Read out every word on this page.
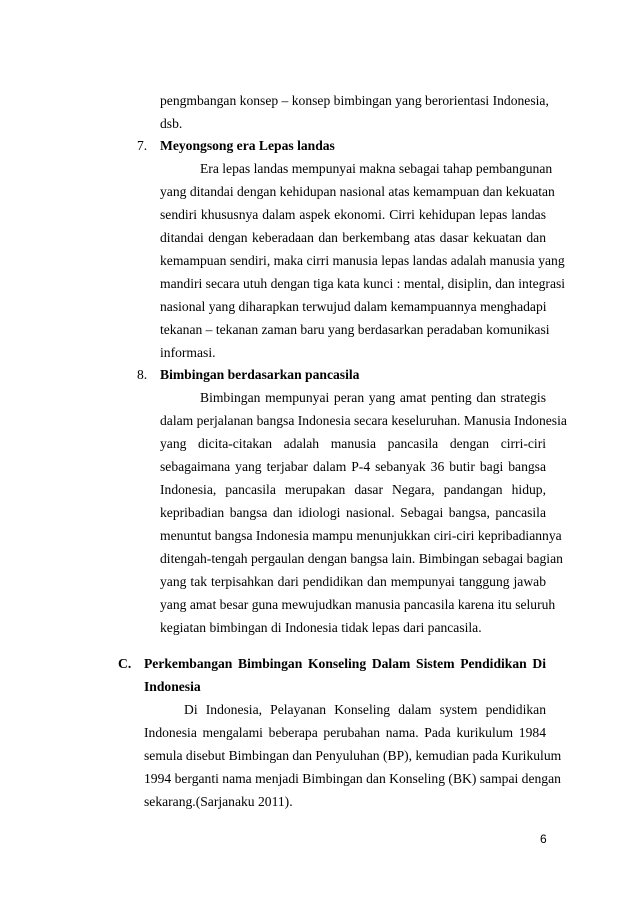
pengmbangan konsep – konsep bimbingan yang berorientasi Indonesia,
dsb.
7. Meyongsong era Lepas landas
Era lepas landas mempunyai makna sebagai tahap pembangunan
yang ditandai dengan kehidupan nasional atas kemampuan dan kekuatan
sendiri khususnya dalam aspek ekonomi. Cirri kehidupan lepas landas
ditandai dengan keberadaan dan berkembang atas dasar kekuatan dan
kemampuan sendiri, maka cirri manusia lepas landas adalah manusia yang
mandiri secara utuh dengan tiga kata kunci : mental, disiplin, dan integrasi
nasional yang diharapkan terwujud dalam kemampuannya menghadapi
tekanan – tekanan zaman baru yang berdasarkan peradaban komunikasi
informasi.
8. Bimbingan berdasarkan pancasila
Bimbingan mempunyai peran yang amat penting dan strategis
dalam perjalanan bangsa Indonesia secara keseluruhan. Manusia Indonesia
yang dicita-citakan adalah manusia pancasila dengan cirri-ciri
sebagaimana yang terjabar dalam P-4 sebanyak 36 butir bagi bangsa
Indonesia, pancasila merupakan dasar Negara, pandangan hidup,
kepribadian bangsa dan idiologi nasional. Sebagai bangsa, pancasila
menuntut bangsa Indonesia mampu menunjukkan ciri-ciri kepribadiannya
ditengah-tengah pergaulan dengan bangsa lain. Bimbingan sebagai bagian
yang tak terpisahkan dari pendidikan dan mempunyai tanggung jawab
yang amat besar guna mewujudkan manusia pancasila karena itu seluruh
kegiatan bimbingan di Indonesia tidak lepas dari pancasila.
C. Perkembangan Bimbingan Konseling Dalam Sistem Pendidikan Di
Indonesia
Di Indonesia, Pelayanan Konseling dalam system pendidikan
Indonesia mengalami beberapa perubahan nama. Pada kurikulum 1984
semula disebut Bimbingan dan Penyuluhan (BP), kemudian pada Kurikulum
1994 berganti nama menjadi Bimbingan dan Konseling (BK) sampai dengan
sekarang.(Sarjanaku 2011).
6
